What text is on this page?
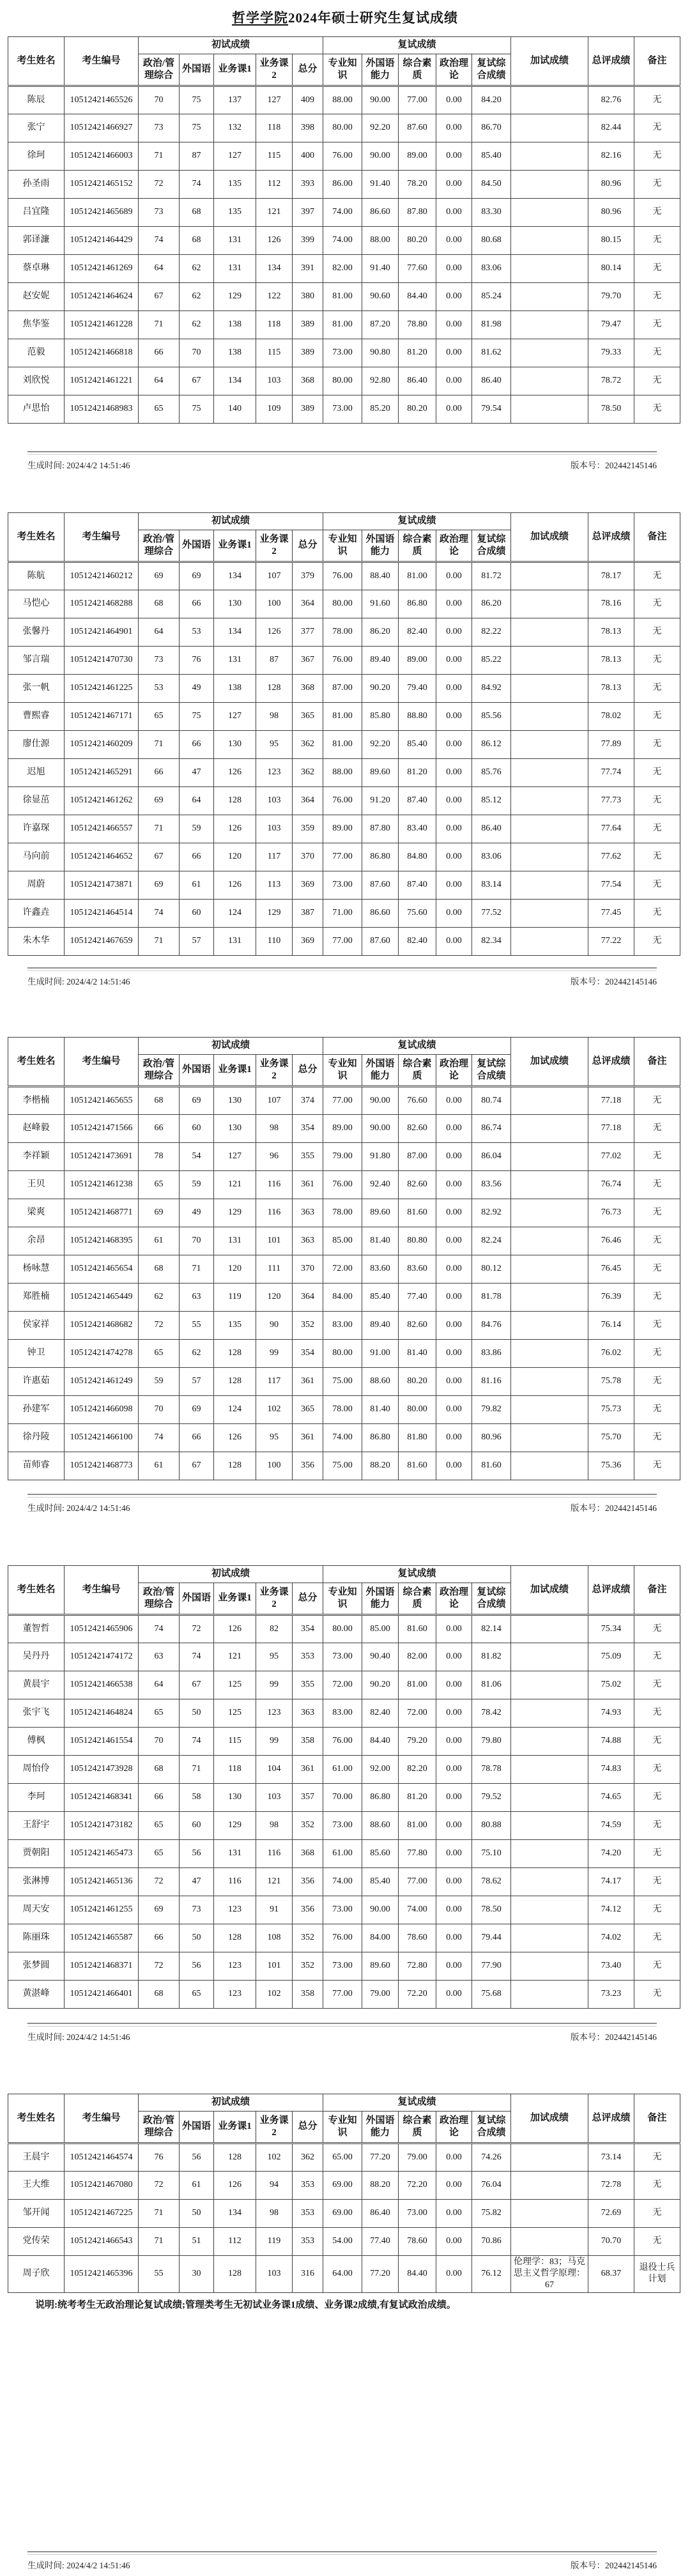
哲学学院2024年硕士研究生复试成绩
考生姓名	考生编号	初试成绩					复试成绩					加试成绩	总评成绩	备注
		政治/管理综合	外国语	业务课1	业务课2	总分	专业知识	外国语能力	综合素质	政治理论	复试综合成绩			
陈辰	10512421465526	70	75	137	127	409	88.00	90.00	77.00	0.00	84.20		82.76	无
张宁	10512421466927	73	75	132	118	398	80.00	92.20	87.60	0.00	86.70		82.44	无
徐珂	10512421466003	71	87	127	115	400	76.00	90.00	89.00	0.00	85.40		82.16	无
孙圣雨	10512421465152	72	74	135	112	393	86.00	91.40	78.20	0.00	84.50		80.96	无
吕宜隆	10512421465689	73	68	135	121	397	74.00	86.60	87.80	0.00	83.30		80.96	无
郭译濂	10512421464429	74	68	131	126	399	74.00	88.00	80.20	0.00	80.68		80.15	无
蔡卓琳	10512421461269	64	62	131	134	391	82.00	91.40	77.60	0.00	83.06		80.14	无
赵安妮	10512421464624	67	62	129	122	380	81.00	90.60	84.40	0.00	85.24		79.70	无
焦华鉴	10512421461228	71	62	138	118	389	81.00	87.20	78.80	0.00	81.98		79.47	无
范毅	10512421466818	66	70	138	115	389	73.00	90.80	81.20	0.00	81.62		79.33	无
刘欣悦	10512421461221	64	67	134	103	368	80.00	92.80	86.40	0.00	86.40		78.72	无
卢思怡	10512421468983	65	75	140	109	389	73.00	85.20	80.20	0.00	79.54		78.50	无
生成时间: 2024/4/2 14:51:46	版本号：202442145146
考生姓名	考生编号	初试成绩					复试成绩					加试成绩	总评成绩	备注
		政治/管理综合	外国语	业务课1	业务课2	总分	专业知识	外国语能力	综合素质	政治理论	复试综合成绩			
陈航	10512421460212	69	69	134	107	379	76.00	88.40	81.00	0.00	81.72		78.17	无
马恺心	10512421468288	68	66	130	100	364	80.00	91.60	86.80	0.00	86.20		78.16	无
张馨丹	10512421464901	64	53	134	126	377	78.00	86.20	82.40	0.00	82.22		78.13	无
邹言瑞	10512421470730	73	76	131	87	367	76.00	89.40	89.00	0.00	85.22		78.13	无
张一帆	10512421461225	53	49	138	128	368	87.00	90.20	79.40	0.00	84.92		78.13	无
曹熙睿	10512421467171	65	75	127	98	365	81.00	85.80	88.80	0.00	85.56		78.02	无
廖仕源	10512421460209	71	66	130	95	362	81.00	92.20	85.40	0.00	86.12		77.89	无
迟旭	10512421465291	66	47	126	123	362	88.00	89.60	81.20	0.00	85.76		77.74	无
徐显茁	10512421461262	69	64	128	103	364	76.00	91.20	87.40	0.00	85.12		77.73	无
许嘉琛	10512421466557	71	59	126	103	359	89.00	87.80	83.40	0.00	86.40		77.64	无
马向前	10512421464652	67	66	120	117	370	77.00	86.80	84.80	0.00	83.06		77.62	无
周蔚	10512421473871	69	61	126	113	369	73.00	87.60	87.40	0.00	83.14		77.54	无
许鑫垚	10512421464514	74	60	124	129	387	71.00	86.60	75.60	0.00	77.52		77.45	无
朱木华	10512421467659	71	57	131	110	369	77.00	87.60	82.40	0.00	82.34		77.22	无
生成时间: 2024/4/2 14:51:46	版本号：202442145146
考生姓名	考生编号	初试成绩					复试成绩					加试成绩	总评成绩	备注
		政治/管理综合	外国语	业务课1	业务课2	总分	专业知识	外国语能力	综合素质	政治理论	复试综合成绩			
李楷楠	10512421465655	68	69	130	107	374	77.00	90.00	76.60	0.00	80.74		77.18	无
赵峰毅	10512421471566	66	60	130	98	354	89.00	90.00	82.60	0.00	86.74		77.18	无
李祥颖	10512421473691	78	54	127	96	355	79.00	91.80	87.00	0.00	86.04		77.02	无
王贝	10512421461238	65	59	121	116	361	76.00	92.40	82.60	0.00	83.56		76.74	无
梁爽	10512421468771	69	49	129	116	363	78.00	89.60	81.60	0.00	82.92		76.73	无
余昂	10512421468395	61	70	131	101	363	85.00	81.40	80.80	0.00	82.24		76.46	无
杨咏慧	10512421465654	68	71	120	111	370	72.00	83.60	83.60	0.00	80.12		76.45	无
郑胜楠	10512421465449	62	63	119	120	364	84.00	85.40	77.40	0.00	81.78		76.39	无
侯家祥	10512421468682	72	55	135	90	352	83.00	89.40	82.60	0.00	84.76		76.14	无
钟卫	10512421474278	65	62	128	99	354	80.00	91.00	81.40	0.00	83.86		76.02	无
许惠茹	10512421461249	59	57	128	117	361	75.00	88.60	80.20	0.00	81.16		75.78	无
孙建军	10512421466098	70	69	124	102	365	78.00	81.40	80.00	0.00	79.82		75.73	无
徐丹陵	10512421466100	74	66	126	95	361	74.00	86.80	81.80	0.00	80.96		75.70	无
苗师睿	10512421468773	61	67	128	100	356	75.00	88.20	81.60	0.00	81.60		75.36	无
生成时间: 2024/4/2 14:51:46	版本号：202442145146
考生姓名	考生编号	初试成绩					复试成绩					加试成绩	总评成绩	备注
		政治/管理综合	外国语	业务课1	业务课2	总分	专业知识	外国语能力	综合素质	政治理论	复试综合成绩			
董智哲	10512421465906	74	72	126	82	354	80.00	85.00	81.60	0.00	82.14		75.34	无
吴丹丹	10512421474172	63	74	121	95	353	73.00	90.40	82.00	0.00	81.82		75.09	无
黄晨宇	10512421466538	64	67	125	99	355	72.00	90.20	81.00	0.00	81.06		75.02	无
张宇飞	10512421464824	65	50	125	123	363	83.00	82.40	72.00	0.00	78.42		74.93	无
傅枫	10512421461554	70	74	115	99	358	76.00	84.40	79.20	0.00	79.80		74.88	无
周怡伶	10512421473928	68	71	118	104	361	61.00	92.00	82.20	0.00	78.78		74.83	无
李珂	10512421468341	66	58	130	103	357	70.00	86.80	81.20	0.00	79.52		74.65	无
王舒宇	10512421473182	65	60	129	98	352	73.00	88.60	81.00	0.00	80.88		74.59	无
贾朝阳	10512421465473	65	56	131	116	368	61.00	85.60	77.80	0.00	75.10		74.20	无
张淋博	10512421465136	72	47	116	121	356	74.00	85.40	77.00	0.00	78.62		74.17	无
周天安	10512421461255	69	73	123	91	356	73.00	90.00	74.00	0.00	78.50		74.12	无
陈丽珠	10512421465587	66	50	128	108	352	76.00	84.00	78.60	0.00	79.44		74.02	无
张梦圆	10512421468371	72	56	123	101	352	73.00	89.60	72.80	0.00	77.90		73.40	无
黄湛峰	10512421466401	68	65	123	102	358	77.00	79.00	72.20	0.00	75.68		73.23	无
生成时间: 2024/4/2 14:51:46	版本号：202442145146
考生姓名	考生编号	初试成绩					复试成绩					加试成绩	总评成绩	备注
		政治/管理综合	外国语	业务课1	业务课2	总分	专业知识	外国语能力	综合素质	政治理论	复试综合成绩			
王晨宇	10512421464574	76	56	128	102	362	65.00	77.20	79.00	0.00	74.26		73.14	无
王大维	10512421467080	72	61	126	94	353	69.00	88.20	72.20	0.00	76.04		72.78	无
邹开闻	10512421467225	71	50	134	98	353	69.00	86.40	73.00	0.00	75.82		72.69	无
党传荣	10512421466543	71	51	112	119	353	54.00	77.40	78.60	0.00	70.86		70.70	无
周子欣	10512421465396	55	30	128	103	316	64.00	77.20	84.40	0.00	76.12	伦理学：83；马克思主义哲学原理：67	68.37	退役士兵计划
说明:统考考生无政治理论复试成绩;管理类考生无初试业务课1成绩、业务课2成绩,有复试政治成绩。
生成时间: 2024/4/2 14:51:46	版本号：202442145146
